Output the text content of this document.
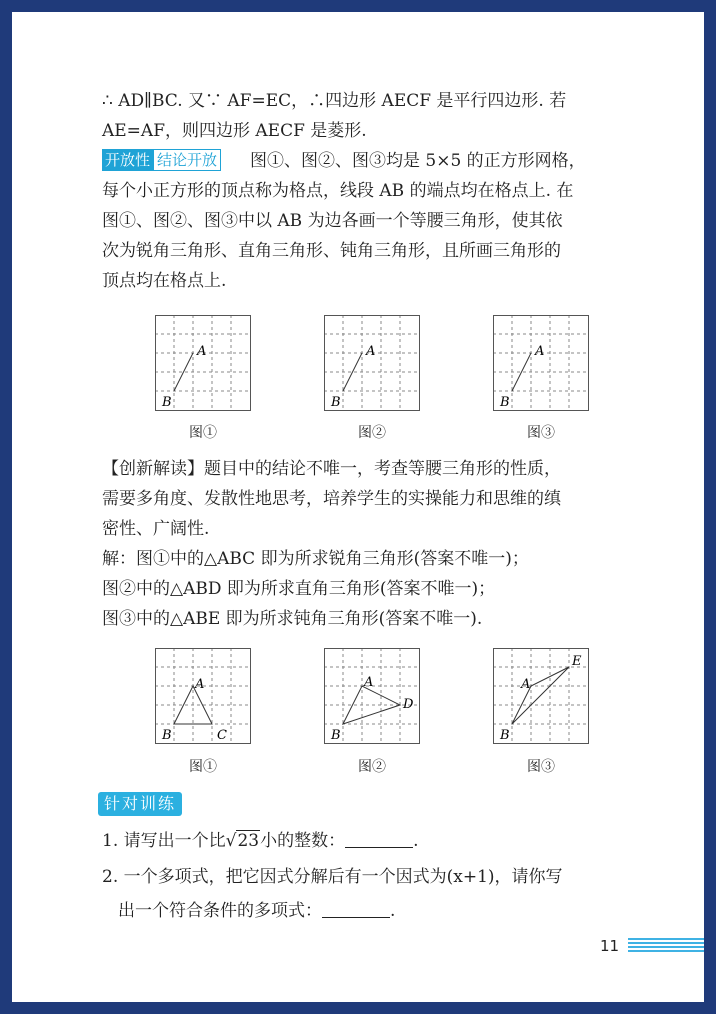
∴ AD∥BC. 又∵ AF=EC，∴四边形 AECF 是平行四边形. 若
AE=AF，则四边形 AECF 是菱形.
开放性 结论开放 图①、图②、图③均是 5×5 的正方形网格，
每个小正方形的顶点称为格点，线段 AB 的端点均在格点上. 在
图①、图②、图③中以 AB 为边各画一个等腰三角形，使其依
次为锐角三角形、直角三角形、钝角三角形，且所画三角形的
顶点均在格点上.
A
B
图①
A
B
图②
A
B
图③
【创新解读】题目中的结论不唯一，考查等腰三角形的性质，
需要多角度、发散性地思考，培养学生的实操能力和思维的缜
密性、广阔性.
解：图①中的△ABC 即为所求锐角三角形(答案不唯一)；
图②中的△ABD 即为所求直角三角形(答案不唯一)；
图③中的△ABE 即为所求钝角三角形(答案不唯一).
A
B	C
图①
A
B
D
图②
A
B
E
图③
针对训练
1. 请写出一个比√23小的整数：	.
2. 一个多项式，把它因式分解后有一个因式为(x+1)，请你写
出一个符合条件的多项式：	.
11
